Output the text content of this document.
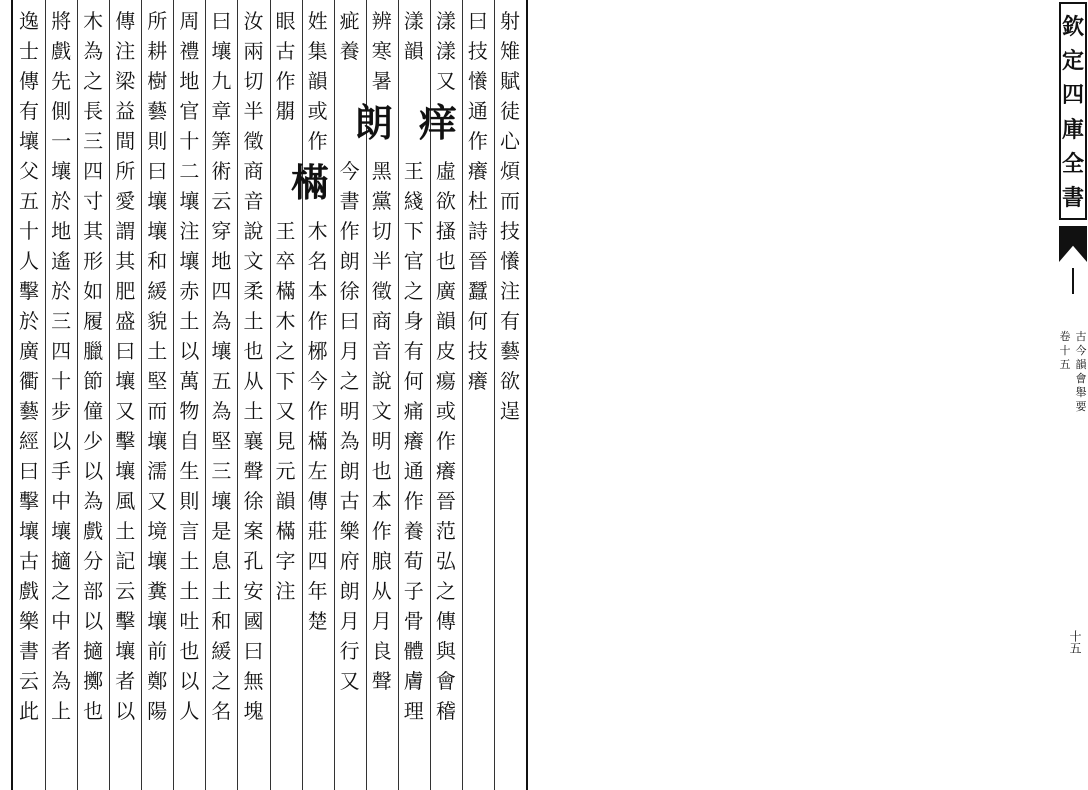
射
雉
賦
徒
心
煩
而
技
懩
注
有
藝
欲
逞
曰
技
懩
通
作
癢
杜
詩
晉
蠶
何
技
癢
漾
漾
又

虛
欲
搔
也
廣
韻
皮
瘍
或
作
癢
晉
范
弘
之
傳
與
會
稽
痒
漾
韻

王
綫
下
官
之
身
有
何
痛
癢
通
作
養
荀
子
骨
體
膚
理
辨
寒
暑

黑
黨
切
半
徵
商
音
說
文
明
也
本
作
朖
从
月
良
聲
朗
疵
養

今
書
作
朗
徐
曰
月
之
明
為
朗
古
樂
府
朗
月
行
又
姓
集
韻
或
作

木
名
本
作
㭨
今
作
樠
左
傳
莊
四
年
楚
樠
眼
古
作
朤

王
卒
樠
木
之
下
又
見
元
韻
樠
字
注
汝
兩
切
半
徵
商
音
說
文
柔
土
也
从
土
襄
聲
徐
案
孔
安
國
曰
無
塊
曰
壤
九
章
筭
術
云
穿
地
四
為
壤
五
為
堅
三
壤
是
息
土
和
緩
之
名
周
禮
地
官
十
二
壤
注
壤
赤
土
以
萬
物
自
生
則
言
土
土
吐
也
以
人
所
耕
樹
藝
則
曰
壤
壤
和
緩
貌
土
堅
而
壤
濡
又
境
壤
糞
壤
前
鄭
陽
傳
注
梁
益
間
所
愛
謂
其
肥
盛
曰
壤
又
擊
壤
風
土
記
云
擊
壤
者
以
木
為
之
長
三
四
寸
其
形
如
履
臘
節
僮
少
以
為
戲
分
部
以
擿
擲
也
將
戲
先
側
一
壤
於
地
遙
於
三
四
十
步
以
手
中
壤
擿
之
中
者
為
上
逸
士
傳
有
壤
父
五
十
人
擊
於
廣
衢
藝
經
曰
擊
壤
古
戲
樂
書
云
此
欽
定
四
庫
全
書
古
今
韻
會
舉
要
卷
十
五
十五
